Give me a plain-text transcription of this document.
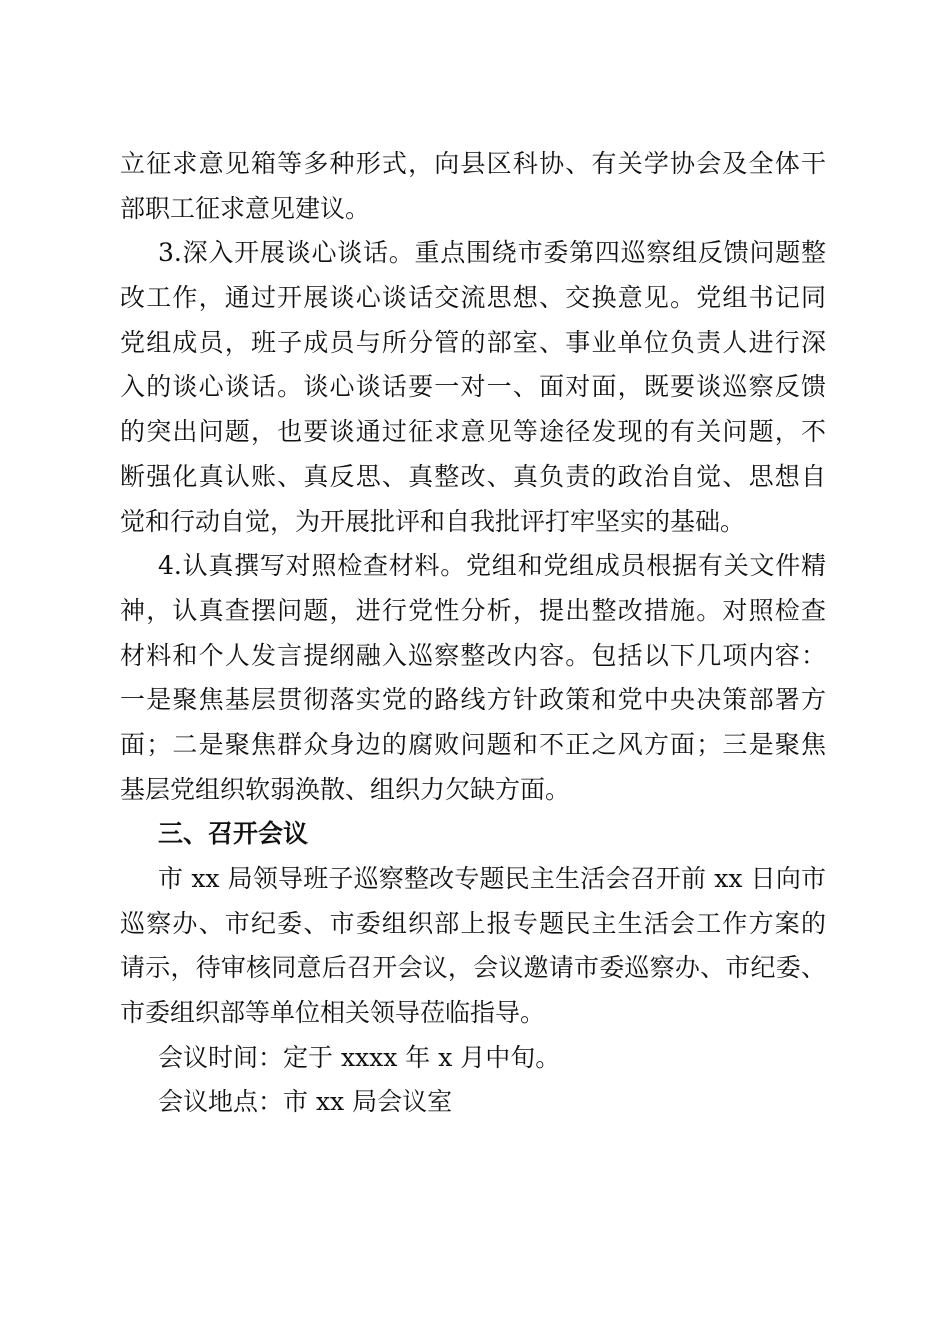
立征求意见箱等多种形式，向县区科协、有关学协会及全体干
部职工征求意见建议。
3.深入开展谈心谈话。重点围绕市委第四巡察组反馈问题整
改工作，通过开展谈心谈话交流思想、交换意见。党组书记同
党组成员，班子成员与所分管的部室、事业单位负责人进行深
入的谈心谈话。谈心谈话要一对一、面对面，既要谈巡察反馈
的突出问题，也要谈通过征求意见等途径发现的有关问题，不
断强化真认账、真反思、真整改、真负责的政治自觉、思想自
觉和行动自觉，为开展批评和自我批评打牢坚实的基础。
4.认真撰写对照检查材料。党组和党组成员根据有关文件精
神，认真查摆问题，进行党性分析，提出整改措施。对照检查
材料和个人发言提纲融入巡察整改内容。包括以下几项内容：
一是聚焦基层贯彻落实党的路线方针政策和党中央决策部署方
面；二是聚焦群众身边的腐败问题和不正之风方面；三是聚焦
基层党组织软弱涣散、组织力欠缺方面。
三、召开会议
市 xx 局领导班子巡察整改专题民主生活会召开前 xx 日向市
巡察办、市纪委、市委组织部上报专题民主生活会工作方案的
请示，待审核同意后召开会议，会议邀请市委巡察办、市纪委、
市委组织部等单位相关领导莅临指导。
会议时间：定于 xxxx 年 x 月中旬。
会议地点：市 xx 局会议室
